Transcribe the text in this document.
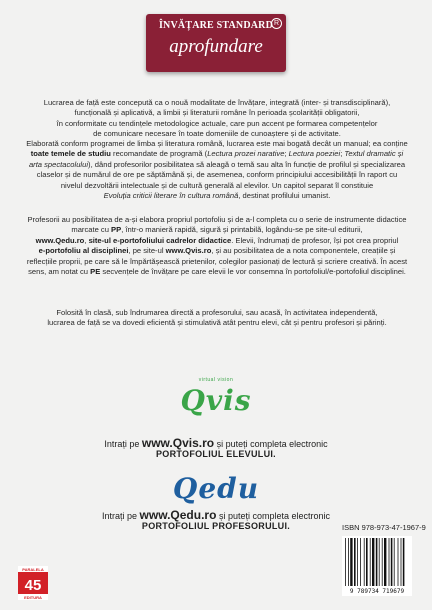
ÎNVĂȚARE STANDARD R
aprofundare
Lucrarea de față este concepută ca o nouă modalitate de învățare, integrată (inter- și transdisciplinară),
funcțională și aplicativă, a limbii și literaturii române în perioada școlarității obligatorii,
în conformitate cu tendințele metodologice actuale, care pun accent pe formarea competențelor
de comunicare necesare în toate domeniile de cunoaștere și de activitate.
Elaborată conform programei de limba și literatura română, lucrarea este mai bogată decât un manual; ea conține
toate temele de studiu recomandate de programă (Lectura prozei narative; Lectura poeziei; Textul dramatic și
arta spectacolului), dând profesorilor posibilitatea să aleagă o temă sau alta în funcție de profilul și specializarea
claselor și de numărul de ore pe săptămână și, de asemenea, conform principiului accesibilității în raport cu
nivelul dezvoltării intelectuale și de cultură generală al elevilor. Un capitol separat îl constituie
Evoluția criticii literare în cultura română, destinat profilului umanist.
Profesorii au posibilitatea de a-și elabora propriul portofoliu și de a-l completa cu o serie de instrumente didactice
marcate cu PP, într-o manieră rapidă, sigură și printabilă, logându-se pe site-ul editurii,
www.Qedu.ro, site-ul e-portofoliului cadrelor didactice. Elevii, îndrumați de profesor, își pot crea propriul
e-portofoliu al disciplinei, pe site-ul www.Qvis.ro, și au posibilitatea de a nota componentele, creațiile și
reflecțiile proprii, pe care să le împărtășească prietenilor, colegilor pasionați de lectură și scriere creativă. În acest
sens, am notat cu PE secvențele de învățare pe care elevii le vor consemna în portofoliul/e-portofoliul disciplinei.
Folosită în clasă, sub îndrumarea directă a profesorului, sau acasă, în activitatea independentă,
lucrarea de față se va dovedi eficientă și stimulativă atât pentru elevi, cât și pentru profesori și părinți.
virtual vision
Qvis
Intrați pe www.Qvis.ro și puteți completa electronic
PORTOFOLIUL ELEVULUI.
Qedu
Intrați pe www.Qedu.ro și puteți completa electronic
PORTOFOLIUL PROFESORULUI.	ISBN 978-973-47-1967-9
9 789734 719679
PARALELA
45
EDITURA
